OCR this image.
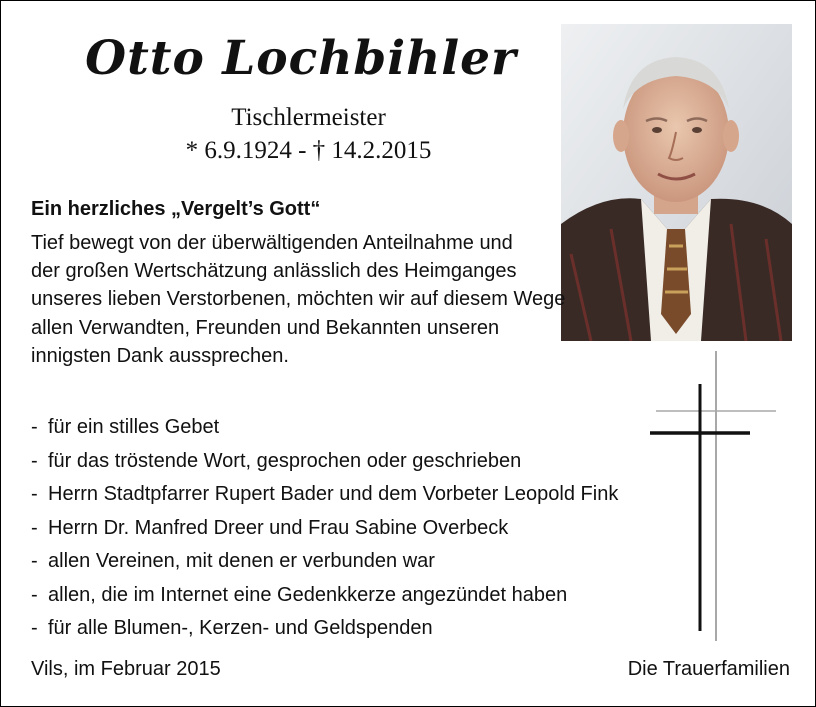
Otto Lochbihler
Tischlermeister
* 6.9.1924 - † 14.2.2015
Ein herzliches „Vergelt’s Gott“
Tief bewegt von der überwältigenden Anteilnahme und
der großen Wertschätzung anlässlich des Heimganges
unseres lieben Verstorbenen, möchten wir auf diesem Wege
allen Verwandten, Freunden und Bekannten unseren
innigsten Dank aussprechen.
- für ein stilles Gebet
- für das tröstende Wort, gesprochen oder geschrieben
- Herrn Stadtpfarrer Rupert Bader und dem Vorbeter Leopold Fink
- Herrn Dr. Manfred Dreer und Frau Sabine Overbeck
- allen Vereinen, mit denen er verbunden war
- allen, die im Internet eine Gedenkkerze angezündet haben
- für alle Blumen-, Kerzen- und Geldspenden
Vils, im Februar 2015	Die Trauerfamilien
